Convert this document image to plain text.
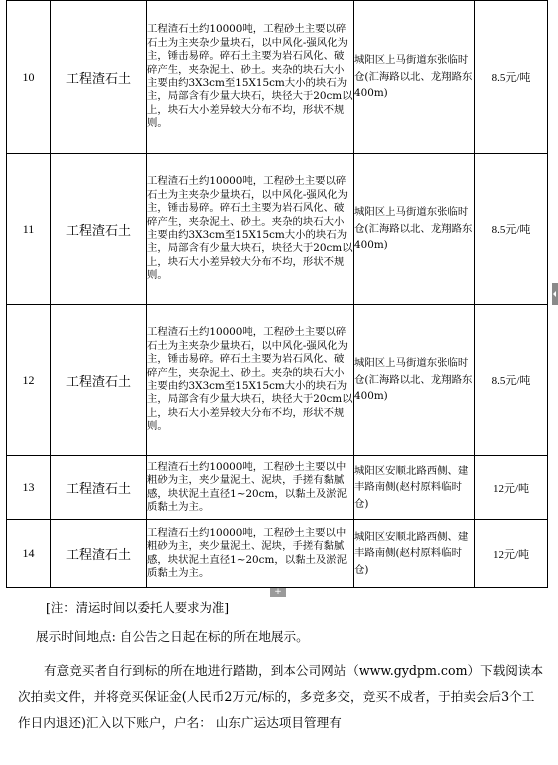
10	工程渣石土	工程渣石土约10000吨，工程砂土主要以碎石土为主夹杂少量块石，以中风化-强风化为主，锤击易碎。碎石土主要为岩石风化、破碎产生，夹杂泥土、砂土。夹杂的块石大小主要由约3X3cm至15X15cm大小的块石为主，局部含有少量大块石，块径大于20cm以上，块石大小差异较大分布不均，形状不规则。	城阳区上马街道东张临时仓(汇海路以北、龙翔路东400m)	8.5元/吨
11	工程渣石土	工程渣石土约10000吨，工程砂土主要以碎石土为主夹杂少量块石，以中风化-强风化为主，锤击易碎。碎石土主要为岩石风化、破碎产生，夹杂泥土、砂土。夹杂的块石大小主要由约3X3cm至15X15cm大小的块石为主，局部含有少量大块石，块径大于20cm以上，块石大小差异较大分布不均，形状不规则。	城阳区上马街道东张临时仓(汇海路以北、龙翔路东400m)	8.5元/吨
12	工程渣石土	工程渣石土约10000吨，工程砂土主要以碎石土为主夹杂少量块石，以中风化-强风化为主，锤击易碎。碎石土主要为岩石风化、破碎产生，夹杂泥土、砂土。夹杂的块石大小主要由约3X3cm至15X15cm大小的块石为主，局部含有少量大块石，块径大于20cm以上，块石大小差异较大分布不均，形状不规则。	城阳区上马街道东张临时仓(汇海路以北、龙翔路东400m)	8.5元/吨
13	工程渣石土	工程渣石土约10000吨，工程砂土主要以中粗砂为主，夹少量泥土、泥块，手搓有黏腻感，块状泥土直径1~20cm，以黏土及淤泥质黏土为主。	城阳区安顺北路西侧、建丰路南侧(赵村原料临时仓)	12元/吨
14	工程渣石土	工程渣石土约10000吨，工程砂土主要以中粗砂为主，夹少量泥土、泥块，手搓有黏腻感，块状泥土直径1~20cm，以黏土及淤泥质黏土为主。	城阳区安顺北路西侧、建丰路南侧(赵村原料临时仓)	12元/吨
+
[注：清运时间以委托人要求为准]
展示时间地点: 自公告之日起在标的所在地展示。
有意竞买者自行到标的所在地进行踏勘，到本公司网站（www.gydpm.com）下载阅读本次拍卖文件，并将竞买保证金(人民币2万元/标的，多竞多交，竞买不成者，于拍卖会后3个工作日内退还)汇入以下账户，户名： 山东广运达项目管理有
